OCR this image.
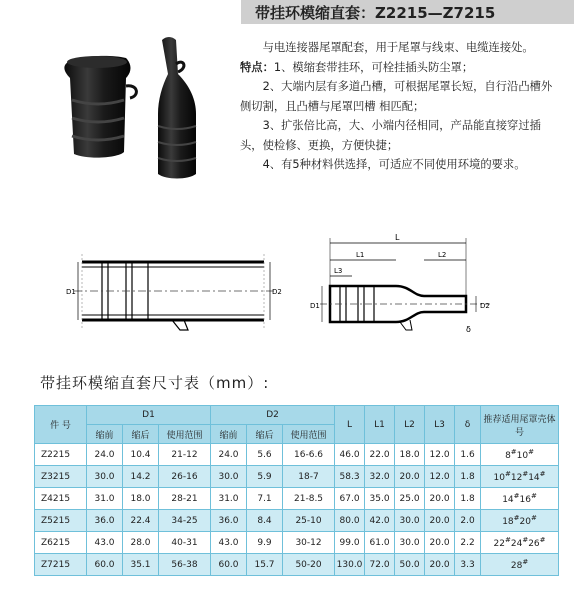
带挂环模缩直套：Z2215—Z7215

与电连接器尾罩配套，用于尾罩与线束、电缆连接处。

特点：1、模缩套带挂环，可栓挂插头防尘罩；

2、大端内层有多道凸槽，可根据尾罩长短，自行沿凸槽外侧切割，且凸槽与尾罩凹槽 相匹配；

3、扩张倍比高，大、小端内径相同，产品能直接穿过插头，使检修、更换，方便快捷；

4、有5种材料供选择，可适应不同使用环境的要求。

D1	D2
L
L1	L2
L3
D1	D2
δ
带挂环模缩直套尺寸表（mm）:
件 号	D1			D2			L	L1	L2	L3	δ	推荐适用尾罩壳体号
	缩前	缩后	使用范围	缩前	缩后	使用范围						
Z2215	24.0	10.4	21-12	24.0	5.6	16-6.6	46.0	22.0	18.0	12.0	1.6	8#10#
Z3215	30.0	14.2	26-16	30.0	5.9	18-7	58.3	32.0	20.0	12.0	1.8	10#12#14#
Z4215	31.0	18.0	28-21	31.0	7.1	21-8.5	67.0	35.0	25.0	20.0	1.8	14#16#
Z5215	36.0	22.4	34-25	36.0	8.4	25-10	80.0	42.0	30.0	20.0	2.0	18#20#
Z6215	43.0	28.0	40-31	43.0	9.9	30-12	99.0	61.0	30.0	20.0	2.2	22#24#26#
Z7215	60.0	35.1	56-38	60.0	15.7	50-20	130.0	72.0	50.0	20.0	3.3	28#
